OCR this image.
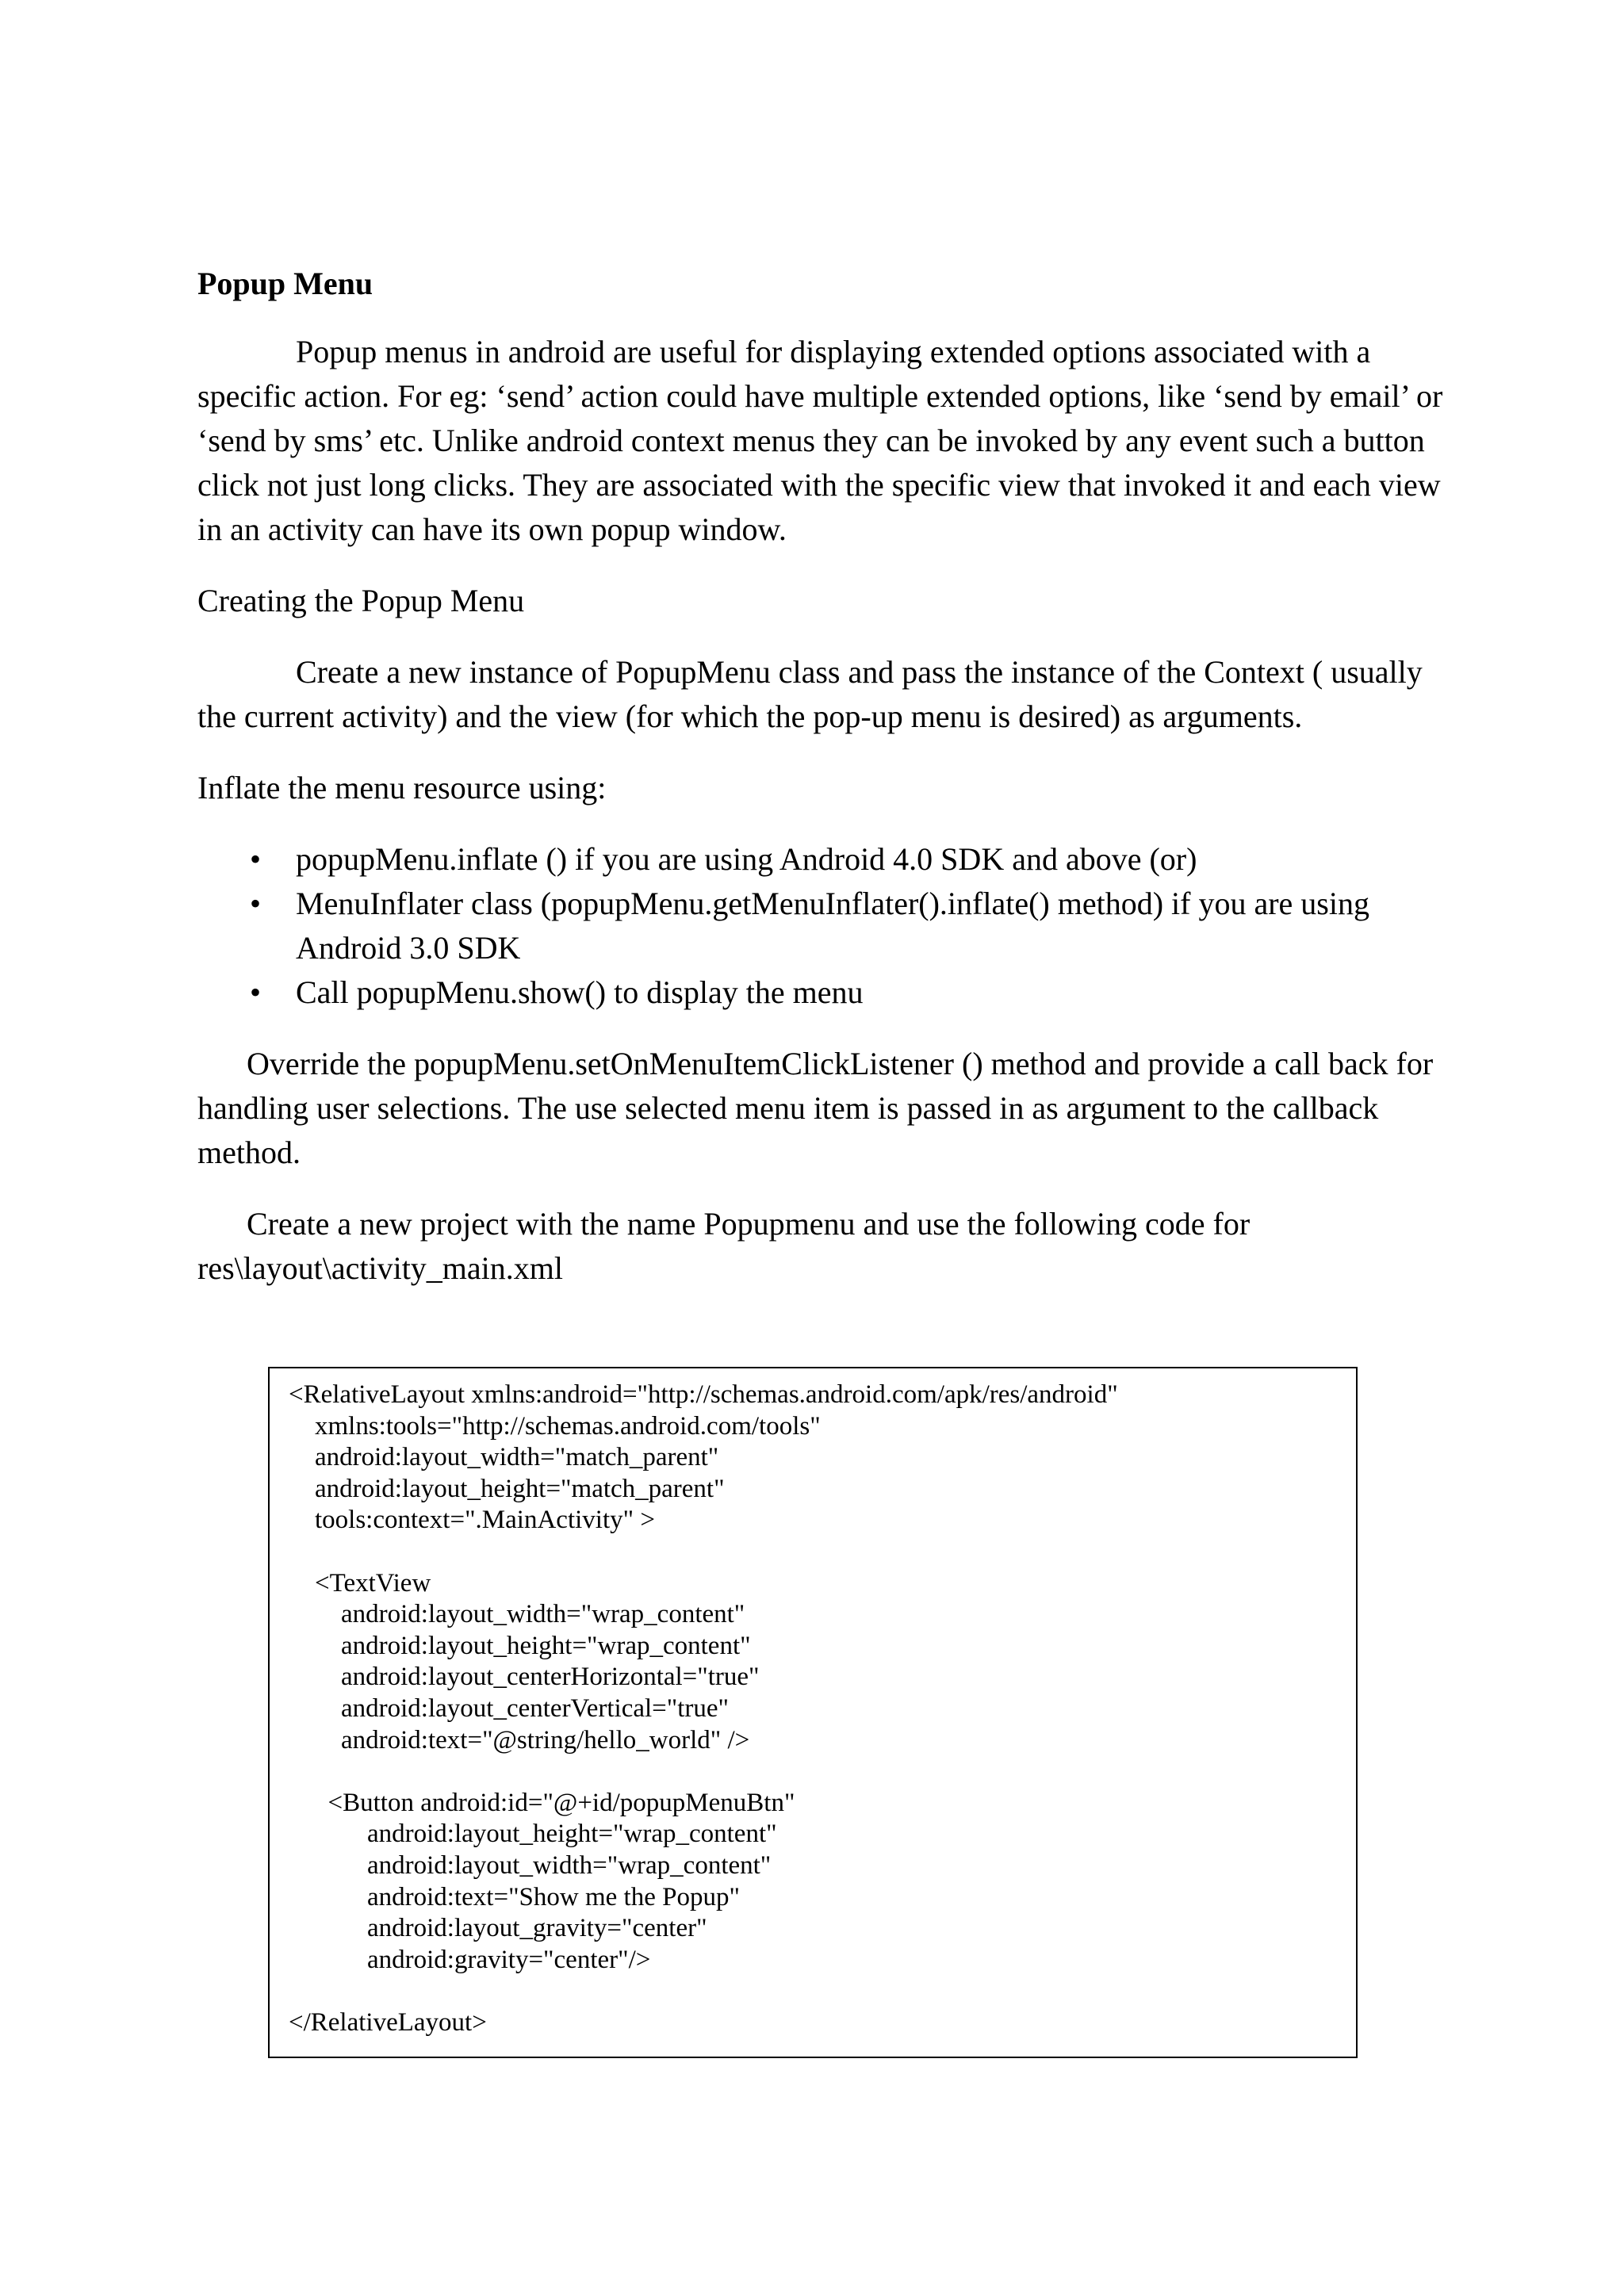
Popup Menu

Popup menus in android are useful for displaying extended options associated with a specific action. For eg: ‘send’ action could have multiple extended options, like ‘send by email’ or ‘send by sms’ etc. Unlike android context menus they can be invoked by any event such a button click not just long clicks. They are associated with the specific view that invoked it and each view in an activity can have its own popup window.

Creating the Popup Menu

Create a new instance of PopupMenu class and pass the instance of the Context ( usually the current activity) and the view (for which the pop-up menu is desired) as arguments.

Inflate the menu resource using:

• popupMenu.inflate () if you are using Android 4.0 SDK and above (or)
• MenuInflater class (popupMenu.getMenuInflater().inflate() method) if you are using Android 3.0 SDK
• Call popupMenu.show() to display the menu

Override the popupMenu.setOnMenuItemClickListener () method and provide a call back for handling user selections. The use selected menu item is passed in as argument to the callback method.

Create a new project with the name Popupmenu and use the following code for res\layout\activity_main.xml

<RelativeLayout xmlns:android="http://schemas.android.com/apk/res/android"
xmlns:tools="http://schemas.android.com/tools"
android:layout_width="match_parent"
android:layout_height="match_parent"
tools:context=".MainActivity" >

<TextView
android:layout_width="wrap_content"
android:layout_height="wrap_content"
android:layout_centerHorizontal="true"
android:layout_centerVertical="true"
android:text="@string/hello_world" />

<Button android:id="@+id/popupMenuBtn"
android:layout_height="wrap_content"
android:layout_width="wrap_content"
android:text="Show me the Popup"
android:layout_gravity="center"
android:gravity="center"/>

</RelativeLayout>
